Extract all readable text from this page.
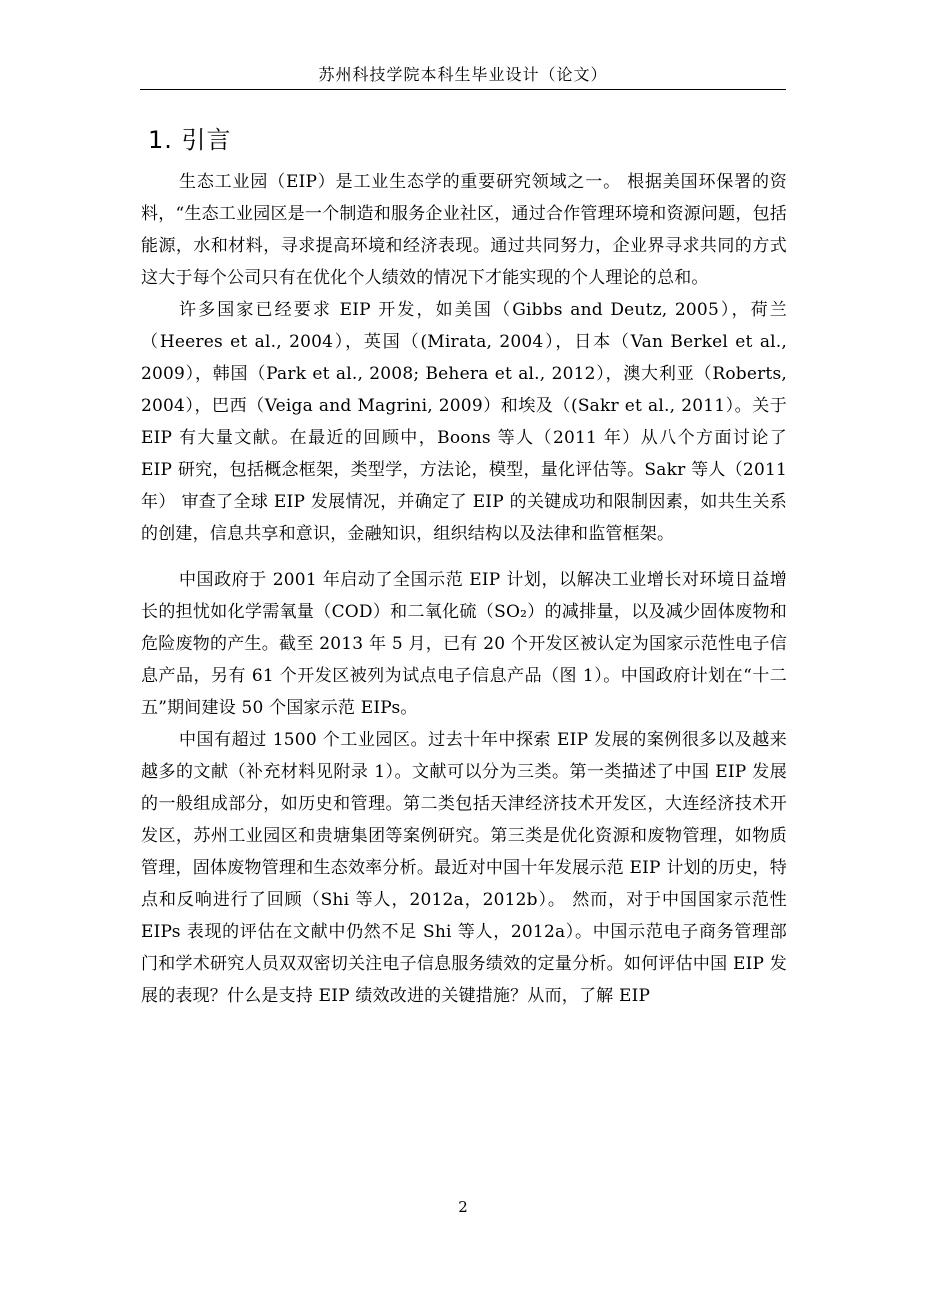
苏州科技学院本科生毕业设计（论文）
1. 引言

生态工业园（EIP）是工业生态学的重要研究领域之一。 根据美国环保署的资料，“生态工业园区是一个制造和服务企业社区，通过合作管理环境和资源问题，包括能源，水和材料，寻求提高环境和经济表现。通过共同努力，企业界寻求共同的方式这大于每个公司只有在优化个人绩效的情况下才能实现的个人理论的总和。

许多国家已经要求 EIP 开发，如美国（Gibbs and Deutz, 2005），荷兰（Heeres et al., 2004），英国（(Mirata, 2004），日本（Van Berkel et al., 2009），韩国（Park et al., 2008; Behera et al., 2012），澳大利亚（Roberts, 2004），巴西（Veiga and Magrini, 2009）和埃及（(Sakr et al., 2011）。关于 EIP 有大量文献。在最近的回顾中，Boons 等人（2011 年）从八个方面讨论了 EIP 研究，包括概念框架，类型学，方法论，模型，量化评估等。Sakr 等人（2011 年） 审查了全球 EIP 发展情况，并确定了 EIP 的关键成功和限制因素，如共生关系的创建，信息共享和意识，金融知识，组织结构以及法律和监管框架。

中国政府于 2001 年启动了全国示范 EIP 计划，以解决工业增长对环境日益增长的担忧如化学需氧量（COD）和二氧化硫（SO₂）的减排量，以及减少固体废物和危险废物的产生。截至 2013 年 5 月，已有 20 个开发区被认定为国家示范性电子信息产品，另有 61 个开发区被列为试点电子信息产品（图 1）。中国政府计划在“十二五”期间建设 50 个国家示范 EIPs。

中国有超过 1500 个工业园区。过去十年中探索 EIP 发展的案例很多以及越来越多的文献（补充材料见附录 1）。文献可以分为三类。第一类描述了中国 EIP 发展的一般组成部分，如历史和管理。第二类包括天津经济技术开发区，大连经济技术开发区，苏州工业园区和贵塘集团等案例研究。第三类是优化资源和废物管理，如物质管理，固体废物管理和生态效率分析。最近对中国十年发展示范 EIP 计划的历史，特点和反响进行了回顾（Shi 等人，2012a，2012b）。 然而，对于中国国家示范性 EIPs 表现的评估在文献中仍然不足 Shi 等人，2012a）。中国示范电子商务管理部门和学术研究人员双双密切关注电子信息服务绩效的定量分析。如何评估中国 EIP 发展的表现？什么是支持 EIP 绩效改进的关键措施？从而，了解 EIP

2
